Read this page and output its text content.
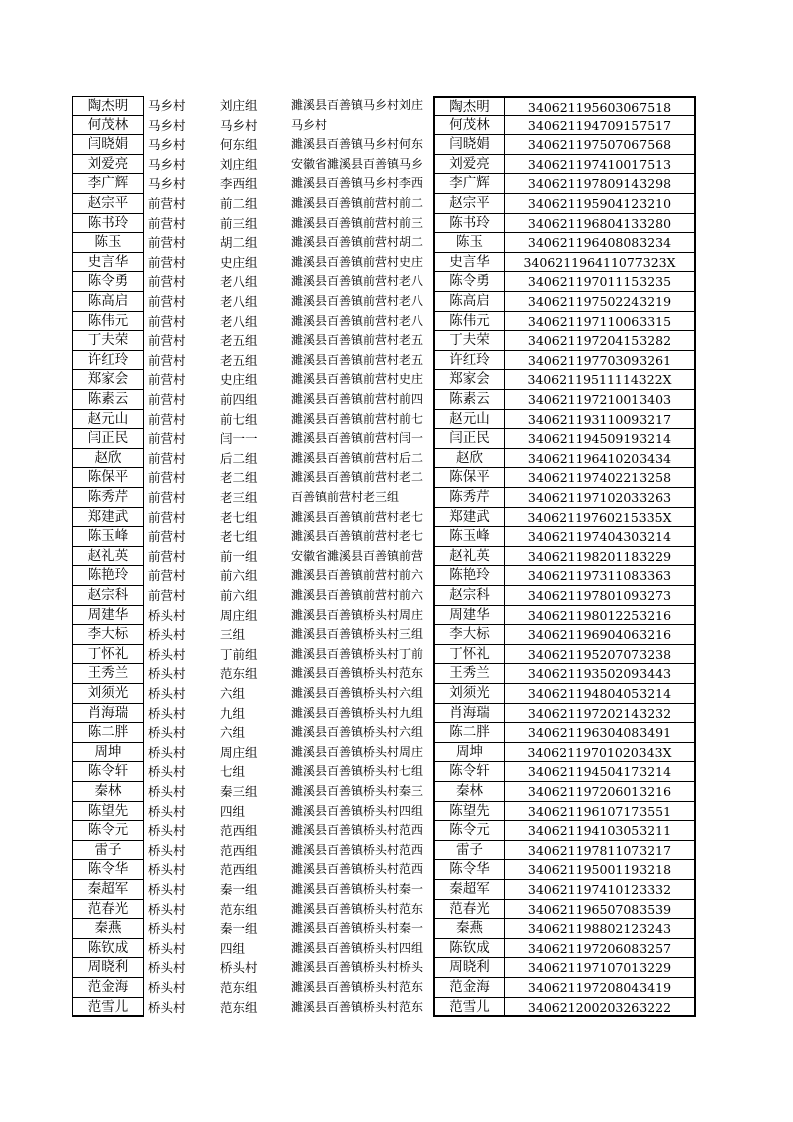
陶杰明	马乡村	刘庄组	濉溪县百善镇马乡村刘庄	陶杰明	340621195603067518
何茂林	马乡村	马乡村	马乡村	何茂林	340621194709157517
闫晓娟	马乡村	何东组	濉溪县百善镇马乡村何东	闫晓娟	340621197507067568
刘爱亮	马乡村	刘庄组	安徽省濉溪县百善镇马乡	刘爱亮	340621197410017513
李广辉	马乡村	李西组	濉溪县百善镇马乡村李西	李广辉	340621197809143298
赵宗平	前营村	前二组	濉溪县百善镇前营村前二	赵宗平	340621195904123210
陈书玲	前营村	前三组	濉溪县百善镇前营村前三	陈书玲	340621196804133280
陈玉	前营村	胡二组	濉溪县百善镇前营村胡二	陈玉	340621196408083234
史言华	前营村	史庄组	濉溪县百善镇前营村史庄	史言华	340621196411077323X
陈令勇	前营村	老八组	濉溪县百善镇前营村老八	陈令勇	340621197011153235
陈高启	前营村	老八组	濉溪县百善镇前营村老八	陈高启	340621197502243219
陈伟元	前营村	老八组	濉溪县百善镇前营村老八	陈伟元	340621197110063315
丁夫荣	前营村	老五组	濉溪县百善镇前营村老五	丁夫荣	340621197204153282
许红玲	前营村	老五组	濉溪县百善镇前营村老五	许红玲	340621197703093261
郑家会	前营村	史庄组	濉溪县百善镇前营村史庄	郑家会	34062119511114322X
陈素云	前营村	前四组	濉溪县百善镇前营村前四	陈素云	340621197210013403
赵元山	前营村	前七组	濉溪县百善镇前营村前七	赵元山	340621193110093217
闫正民	前营村	闫一一	濉溪县百善镇前营村闫一	闫正民	340621194509193214
赵欣	前营村	后二组	濉溪县百善镇前营村后二	赵欣	340621196410203434
陈保平	前营村	老二组	濉溪县百善镇前营村老二	陈保平	340621197402213258
陈秀芹	前营村	老三组	百善镇前营村老三组	陈秀芹	340621197102033263
郑建武	前营村	老七组	濉溪县百善镇前营村老七	郑建武	34062119760215335X
陈玉峰	前营村	老七组	濉溪县百善镇前营村老七	陈玉峰	340621197404303214
赵礼英	前营村	前一组	安徽省濉溪县百善镇前营	赵礼英	340621198201183229
陈艳玲	前营村	前六组	濉溪县百善镇前营村前六	陈艳玲	340621197311083363
赵宗科	前营村	前六组	濉溪县百善镇前营村前六	赵宗科	340621197801093273
周建华	桥头村	周庄组	濉溪县百善镇桥头村周庄	周建华	340621198012253216
李大标	桥头村	三组	濉溪县百善镇桥头村三组	李大标	340621196904063216
丁怀礼	桥头村	丁前组	濉溪县百善镇桥头村丁前	丁怀礼	340621195207073238
王秀兰	桥头村	范东组	濉溪县百善镇桥头村范东	王秀兰	340621193502093443
刘须光	桥头村	六组	濉溪县百善镇桥头村六组	刘须光	340621194804053214
肖海瑞	桥头村	九组	濉溪县百善镇桥头村九组	肖海瑞	340621197202143232
陈二胖	桥头村	六组	濉溪县百善镇桥头村六组	陈二胖	340621196304083491
周坤	桥头村	周庄组	濉溪县百善镇桥头村周庄	周坤	34062119701020343X
陈令轩	桥头村	七组	濉溪县百善镇桥头村七组	陈令轩	340621194504173214
秦林	桥头村	秦三组	濉溪县百善镇桥头村秦三	秦林	340621197206013216
陈望先	桥头村	四组	濉溪县百善镇桥头村四组	陈望先	340621196107173551
陈令元	桥头村	范西组	濉溪县百善镇桥头村范西	陈令元	340621194103053211
雷子	桥头村	范西组	濉溪县百善镇桥头村范西	雷子	340621197811073217
陈令华	桥头村	范西组	濉溪县百善镇桥头村范西	陈令华	340621195001193218
秦超军	桥头村	秦一组	濉溪县百善镇桥头村秦一	秦超军	340621197410123332
范春光	桥头村	范东组	濉溪县百善镇桥头村范东	范春光	340621196507083539
秦燕	桥头村	秦一组	濉溪县百善镇桥头村秦一	秦燕	340621198802123243
陈钦成	桥头村	四组	濉溪县百善镇桥头村四组	陈钦成	340621197206083257
周晓利	桥头村	桥头村	濉溪县百善镇桥头村桥头	周晓利	340621197107013229
范金海	桥头村	范东组	濉溪县百善镇桥头村范东	范金海	340621197208043419
范雪儿	桥头村	范东组	濉溪县百善镇桥头村范东	范雪儿	340621200203263222
